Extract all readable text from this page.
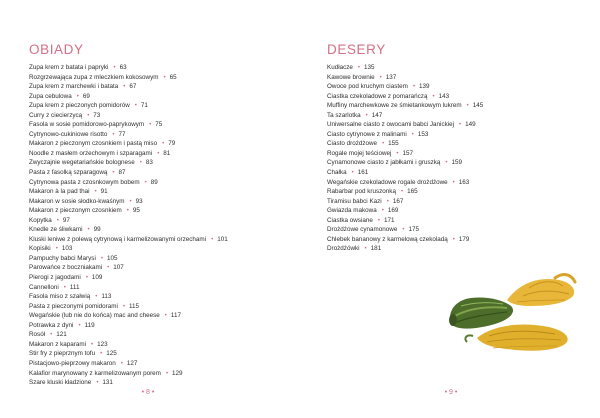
OBIADY
Zupa krem z batata i papryki • 63
Rozgrzewająca zupa z mleczkiem kokosowym • 65
Zupa krem z marchewki i batata • 67
Zupa cebulowa • 69
Zupa krem z pieczonych pomidorów • 71
Curry z ciecierzycą • 73
Fasola w sosie pomidorowo-paprykowym • 75
Cytrynowo-cukiniowe risotto • 77
Makaron z pieczonym czosnkiem i pastą miso • 79
Noodle z masłem orzechowym i szparagami • 81
Zwyczajnie wegetariańskie bolognese • 83
Pasta z fasolką szparagową • 87
Cytrynowa pasta z czosnkowym bobem • 89
Makaron à la pad thai • 91
Makaron w sosie słodko-kwaśnym • 93
Makaron z pieczonym czosnkiem • 95
Kopytka • 97
Knedle ze śliwkami • 99
Kluski leniwe z polewą cytrynową i karmelizowanymi orzechami • 101
Kopisiki • 103
Pampuchy babci Marysi • 105
Parowańce z boczniakami • 107
Pierogi z jagodami • 109
Cannelloni • 111
Fasola miso z szałwią • 113
Pasta z pieczonymi pomidorami • 115
Wegańskie (lub nie do końca) mac and cheese • 117
Potrawka z dyni • 119
Rosół • 121
Makaron z kaparami • 123
Stir fry z pieprznym tofu • 125
Pistacjowo-pieprzowy makaron • 127
Kalafior marynowany z karmelizowanym porem • 129
Szare kluski kładzione • 131
• 8 •
DESERY
Kudłacze • 135
Kawowe brownie • 137
Owoce pod kruchym ciastem • 139
Ciastka czekoladowe z pomarańczą • 143
Muffiny marchewkowe ze śmietankowym lukrem • 145
Ta szarlotka • 147
Uniwersalne ciasto z owocami babci Janickiej • 149
Ciasto cytrynowe z malinami • 153
Ciasto drożdżowe • 155
Rogale mojej teściowej • 157
Cynamonowe ciasto z jabłkami i gruszką • 159
Chałka • 161
Wegańskie czekoladowe rogale drożdżowe • 163
Rabarbar pod kruszonką • 165
Tiramisu babci Kazi • 167
Gwiazda makowa • 169
Ciastka owsiane • 171
Drożdżowe cynamonowe • 175
Chlebek bananowy z karmelową czekoladą • 179
Drożdżówki • 181
• 9 •
